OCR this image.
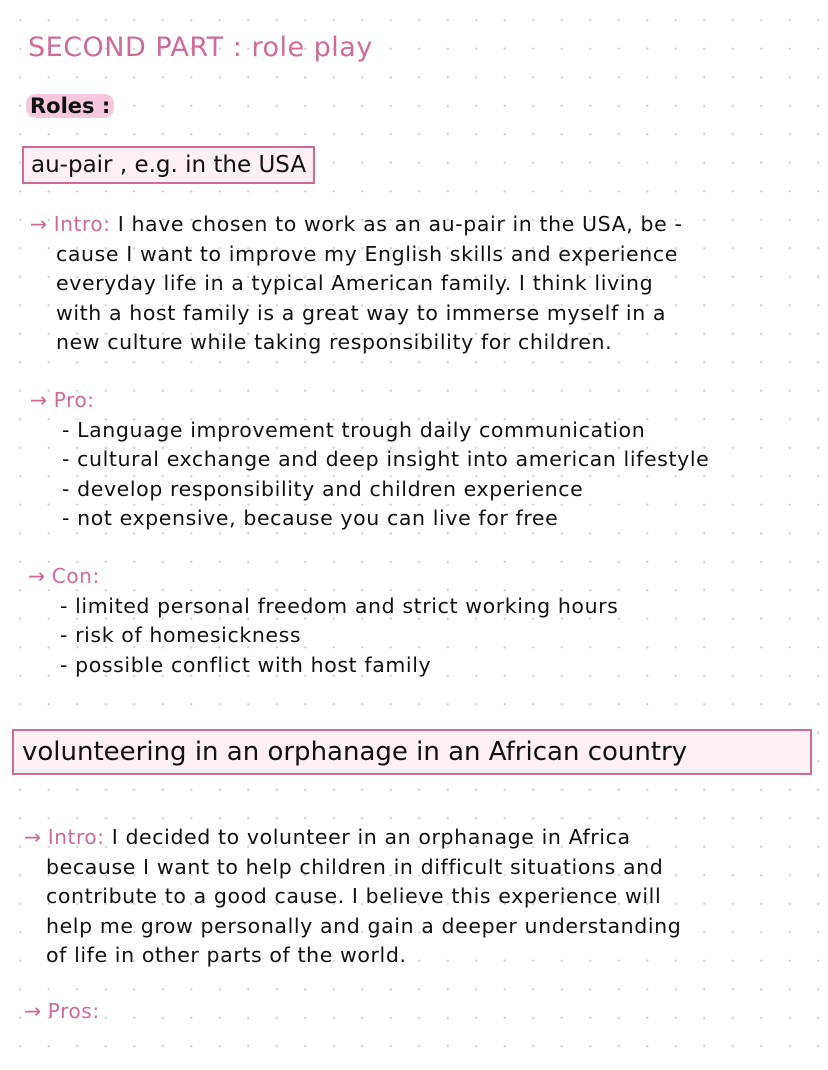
SECOND PART : role play
Roles :
au-pair , e.g. in the USA
→ Intro: I have chosen to work as an au-pair in the USA, be -
cause I want to improve my English skills and experience
everyday life in a typical American family. I think living
with a host family is a great way to immerse myself in a
new culture while taking responsibility for children.
→ Pro:
- Language improvement trough daily communication
- cultural exchange and deep insight into american lifestyle
- develop responsibility and children experience
- not expensive, because you can live for free
→ Con:
- limited personal freedom and strict working hours
- risk of homesickness
- possible conflict with host family
volunteering in an orphanage in an African country
→ Intro: I decided to volunteer in an orphanage in Africa
because I want to help children in difficult situations and
contribute to a good cause. I believe this experience will
help me grow personally and gain a deeper understanding
of life in other parts of the world.
→ Pros:
